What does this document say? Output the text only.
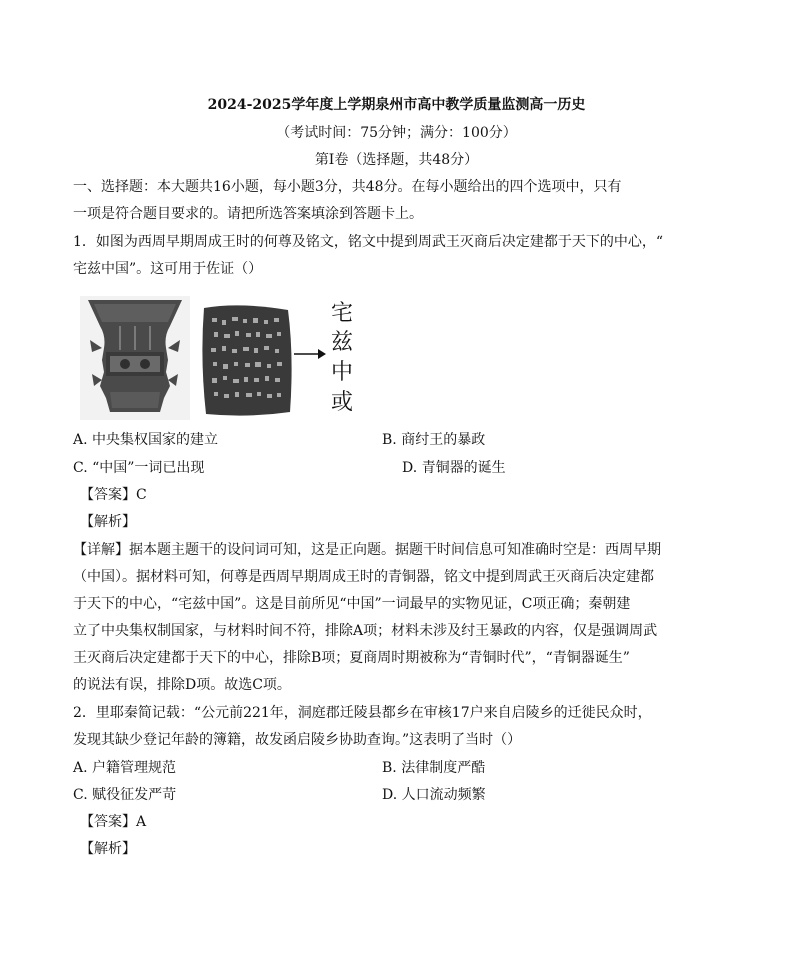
2024-2025学年度上学期泉州市高中教学质量监测高一历史
（考试时间：75分钟；满分：100分）
第Ⅰ卷（选择题，共48分）
一、选择题：本大题共16小题，每小题3分，共48分。在每小题给出的四个选项中，只有
一项是符合题目要求的。请把所选答案填涂到答题卡上。
1．如图为西周早期周成王时的何尊及铭文，铭文中提到周武王灭商后决定建都于天下的中心，“
宅兹中国”。这可用于佐证（）
宅
兹
中
或
A. 中央集权国家的建立	B. 商纣王的暴政
C. “中国”一词已出现	D. 青铜器的诞生
【答案】C
【解析】
【详解】据本题主题干的设问词可知，这是正向题。据题干时间信息可知准确时空是：西周早期
（中国）。据材料可知，何尊是西周早期周成王时的青铜器，铭文中提到周武王灭商后决定建都
于天下的中心，“宅兹中国”。这是目前所见“中国”一词最早的实物见证，C项正确；秦朝建
立了中央集权制国家，与材料时间不符，排除A项；材料未涉及纣王暴政的内容，仅是强调周武
王灭商后决定建都于天下的中心，排除B项；夏商周时期被称为“青铜时代”，“青铜器诞生”
的说法有误，排除D项。故选C项。
2．里耶秦简记载：“公元前221年，洞庭郡迁陵县都乡在审核17户来自启陵乡的迁徙民众时，
发现其缺少登记年龄的簿籍，故发函启陵乡协助查询。”这表明了当时（）
A. 户籍管理规范	B. 法律制度严酷
C. 赋役征发严苛	D. 人口流动频繁
【答案】A
【解析】
